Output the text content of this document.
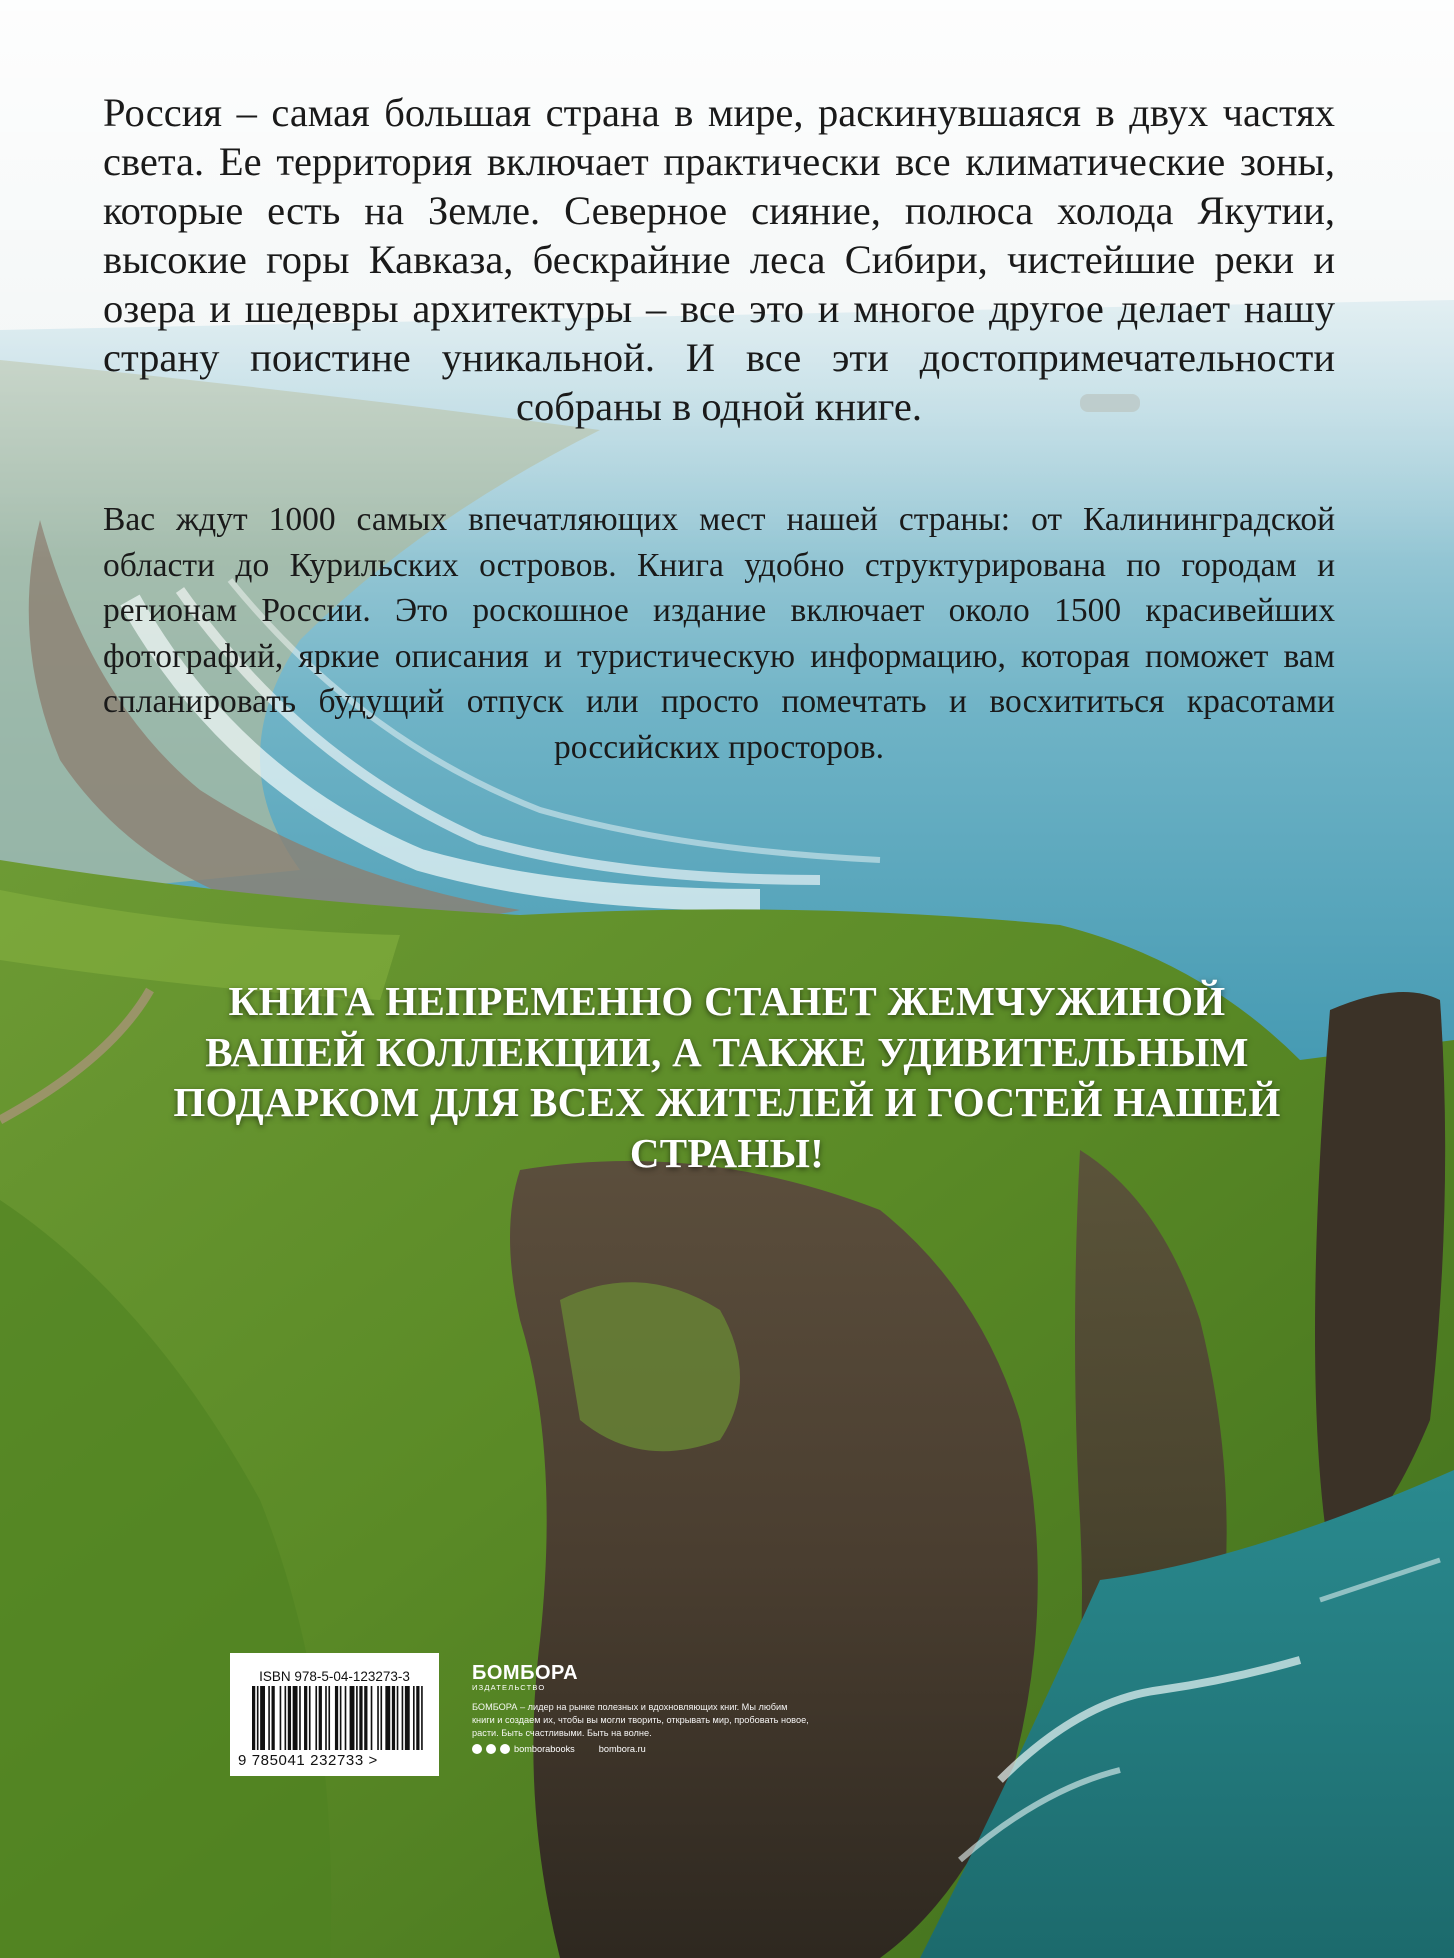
Россия – самая большая страна в мире, раскинувшаяся в двух частях света. Ее территория включает практически все климатические зоны, которые есть на Земле. Северное сияние, полюса холода Якутии, высокие горы Кавказа, бескрайние леса Сибири, чистейшие реки и озера и шедевры архитектуры – все это и многое другое делает нашу страну поистине уникальной. И все эти достопримечательности собраны в одной книге.
Вас ждут 1000 самых впечатляющих мест нашей страны: от Калининградской области до Курильских островов. Книга удобно структурирована по городам и регионам России. Это роскошное издание включает около 1500 красивейших фотографий, яркие описания и туристическую информацию, которая поможет вам спланировать будущий отпуск или просто помечтать и восхититься красотами российских просторов.
КНИГА НЕПРЕМЕННО СТАНЕТ ЖЕМЧУЖИНОЙ ВАШЕЙ КОЛЛЕКЦИИ, А ТАКЖЕ УДИВИТЕЛЬНЫМ ПОДАРКОМ ДЛЯ ВСЕХ ЖИТЕЛЕЙ И ГОСТЕЙ НАШЕЙ СТРАНЫ!
ISBN 978-5-04-123273-3
9 785041 232733 >
БОМБОРА
ИЗДАТЕЛЬСТВО
БОМБОРА – лидер на рынке полезных и вдохновляющих книг. Мы любим книги и создаем их, чтобы вы могли творить, открывать мир, пробовать новое, расти. Быть счастливыми. Быть на волне.
bomborabooks	bombora.ru
